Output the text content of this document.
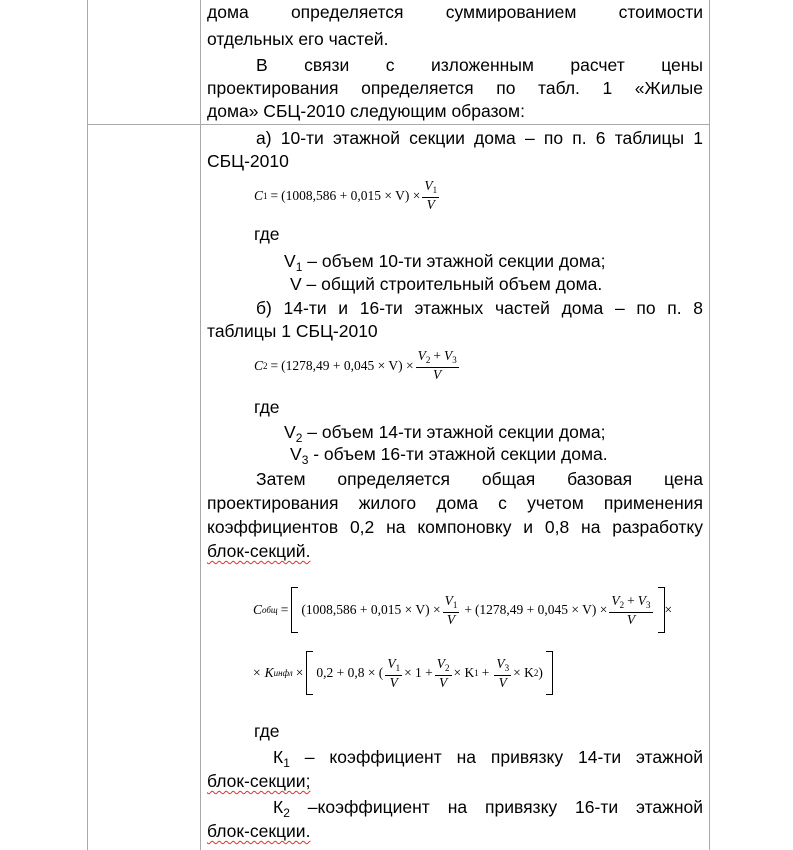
дома определяется суммированием стоимости

отдельных его частей.

В связи с изложенным расчет цены

проектирования определяется по табл. 1 «Жилые

дома» СБЦ-2010 следующим образом:

а) 10-ти этажной секции дома – по п. 6 таблицы 1

СБЦ-2010

C $1 = (1008,586 + 0,015 \times V) \times \frac{V_1}{V}$

где

$V_1$ – объем 10-ти этажной секции дома;

V – общий строительный объем дома.

б) 14-ти и 16-ти этажных частей дома – по п. 8

таблицы 1 СБЦ-2010

C $2 = (1278,49 + 0,045 \times V) \times \frac{V_2 + V_3}{V}$

где

$V_2$ – объем 14-ти этажной секции дома;

$V_3$ - объем 16-ти этажной секции дома.

Затем определяется общая базовая цена

проектирования жилого дома с учетом применения

коэффициентов 0,2 на компоновку и 0,8 на разработку

блок-секций.

C общ = $(1008,586 + 0,015 \times V) \times \frac{V_1}{V} + (1278,49 + 0,045 \times V) \times \frac{V_2 + V_3}{V}$ ×
× K инфл × 0,2 + 0,8 × ( $\frac{V_1}{V} \times 1 + \frac{V_2}{V} \times K$ $1 + \frac{V_3}{V} \times K$ 2 )

где

$К_1$ – коэффициент на привязку 14-ти этажной

блок-секции;

$К_2$ –коэффициент на привязку 16-ти этажной

блок-секции.
